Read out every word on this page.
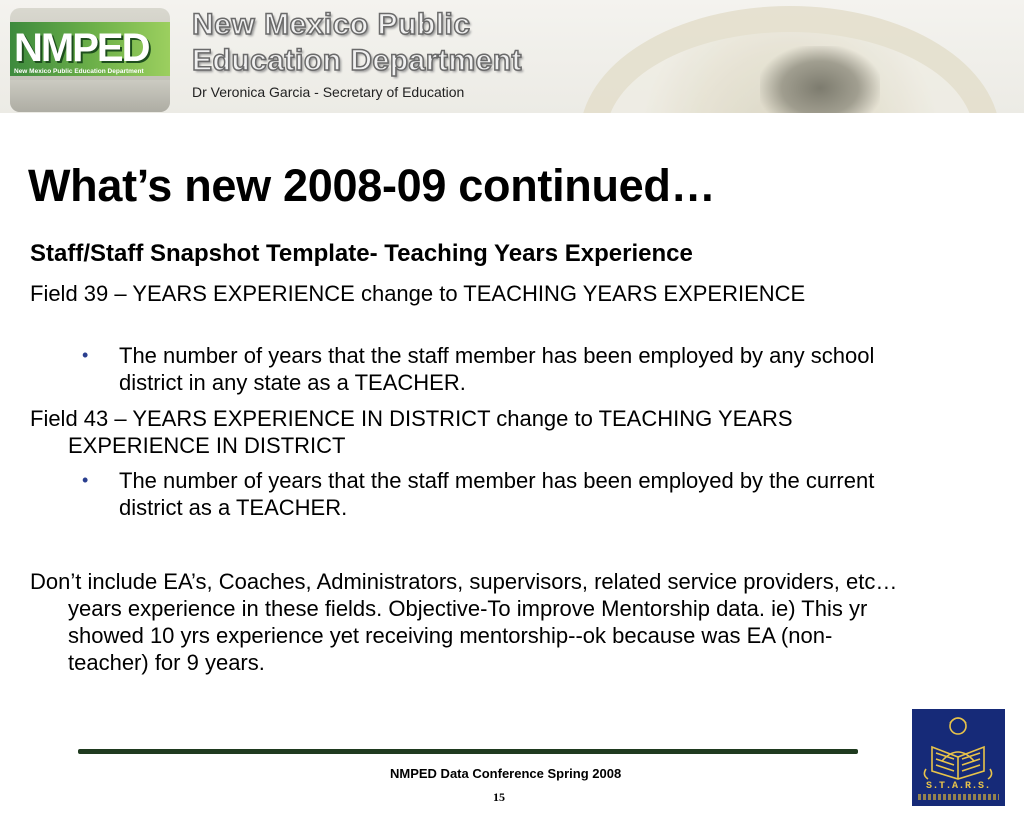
NMPED
New Mexico Public Education Department
New Mexico Public
Education Department
Dr Veronica Garcia - Secretary of Education
What’s new 2008-09 continued…
Staff/Staff Snapshot Template- Teaching Years Experience
Field 39 – YEARS EXPERIENCE change to TEACHING YEARS EXPERIENCE
• The number of years that the staff member has been employed by any school district in any state as a TEACHER.
Field 43 – YEARS EXPERIENCE IN DISTRICT change to TEACHING YEARS EXPERIENCE IN DISTRICT
• The number of years that the staff member has been employed by the current district as a TEACHER.
Don’t include EA’s, Coaches, Administrators, supervisors, related service providers, etc…years experience in these fields. Objective-To improve Mentorship data. ie) This yr showed 10 yrs experience yet receiving mentorship--ok because was EA (non-teacher) for 9 years.
NMPED Data Conference Spring 2008
15
S.T.A.R.S.
